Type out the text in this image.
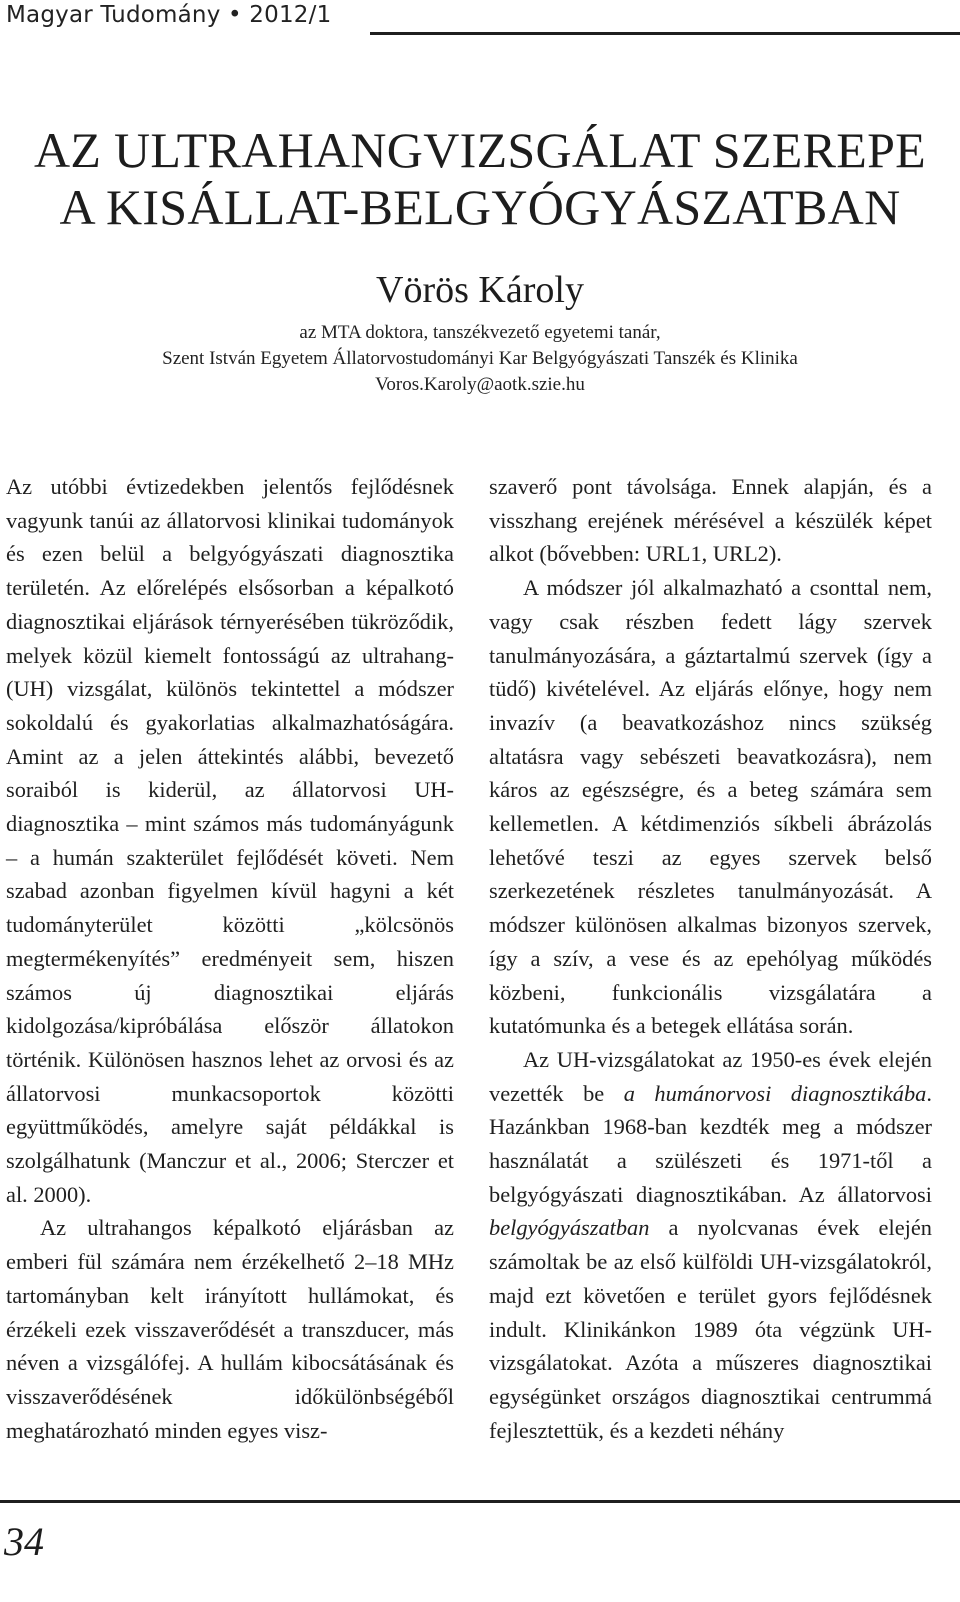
Magyar Tudomány • 2012/1
AZ ULTRAHANGVIZSGÁLAT SZEREPE
A KISÁLLAT-BELGYÓGYÁSZATBAN
Vörös Károly
az MTA doktora, tanszékvezető egyetemi tanár,
Szent István Egyetem Állatorvostudományi Kar Belgyógyászati Tanszék és Klinika
Voros.Karoly@aotk.szie.hu

Az utóbbi évtizedekben jelentős fejlődésnek vagyunk tanúi az állatorvosi klinikai tudományok és ezen belül a belgyógyászati diagnosztika területén. Az előrelépés elsősorban a képalkotó diagnosztikai eljárások térnyerésében tükröződik, melyek közül kiemelt fontosságú az ultrahang- (UH) vizsgálat, különös tekintettel a módszer sokoldalú és gyakorlatias alkalmazhatóságára. Amint az a jelen áttekintés alábbi, bevezető soraiból is kiderül, az állatorvosi UH-diagnosztika – mint számos más tudományágunk – a humán szakterület fejlődését követi. Nem szabad azonban figyelmen kívül hagyni a két tudományterület közötti „kölcsönös megtermékenyítés” eredményeit sem, hiszen számos új diagnosztikai eljárás kidolgozása/kipróbálása először állatokon történik. Különösen hasznos lehet az orvosi és az állatorvosi munkacsoportok közötti együttműködés, amelyre saját példákkal is szolgálhatunk (Manczur et al., 2006; Sterczer et al. 2000).

Az ultrahangos képalkotó eljárásban az emberi fül számára nem érzékelhető 2–18 MHz tartományban kelt irányított hullámokat, és érzékeli ezek visszaverődését a transzducer, más néven a vizsgálófej. A hullám kibocsátásának és visszaverődésének időkülönbségéből meghatározható minden egyes visz-

szaverő pont távolsága. Ennek alapján, és a visszhang erejének mérésével a készülék képet alkot (bővebben: URL1, URL2).

A módszer jól alkalmazható a csonttal nem, vagy csak részben fedett lágy szervek tanulmányozására, a gáztartalmú szervek (így a tüdő) kivételével. Az eljárás előnye, hogy nem invazív (a beavatkozáshoz nincs szükség altatásra vagy sebészeti beavatkozásra), nem káros az egészségre, és a beteg számára sem kellemetlen. A kétdimenziós síkbeli ábrázolás lehetővé teszi az egyes szervek belső szerkezetének részletes tanulmányozását. A módszer különösen alkalmas bizonyos szervek, így a szív, a vese és az epehólyag működés közbeni, funkcionális vizsgálatára a kutatómunka és a betegek ellátása során.

Az UH-vizsgálatokat az 1950-es évek elején vezették be a humánorvosi diagnosztikába. Hazánkban 1968-ban kezdték meg a módszer használatát a szülészeti és 1971-től a belgyógyászati diagnosztikában. Az állatorvosi belgyógyászatban a nyolcvanas évek elején számoltak be az első külföldi UH-vizsgálatokról, majd ezt követően e terület gyors fejlődésnek indult. Klinikánkon 1989 óta végzünk UH-vizsgálatokat. Azóta a műszeres diagnosztikai egységünket országos diagnosztikai centrummá fejlesztettük, és a kezdeti néhány

34
